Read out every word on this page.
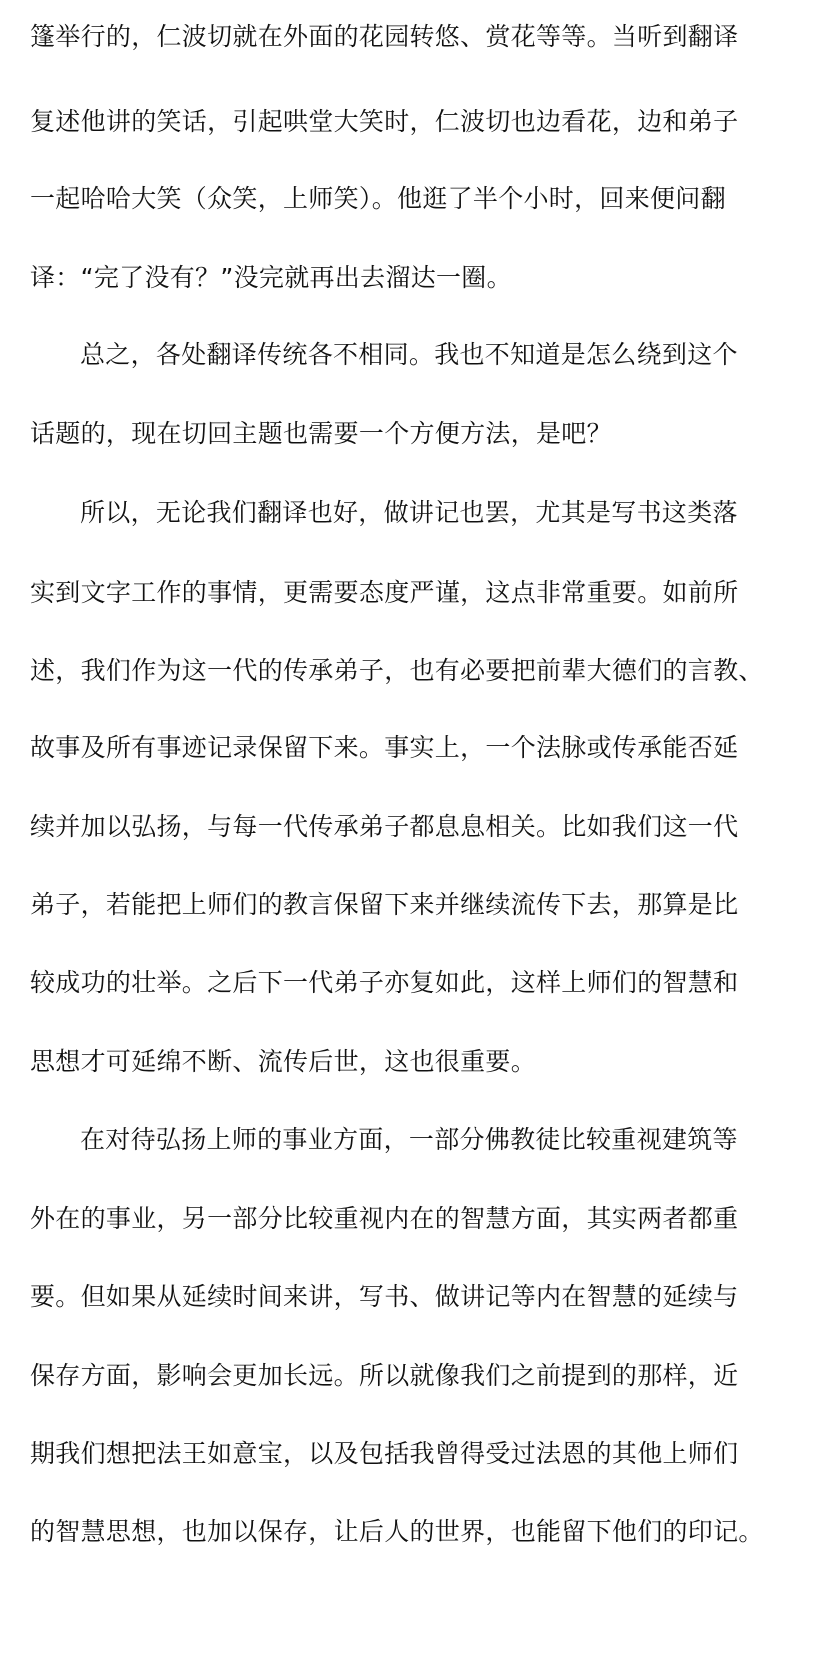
篷举行的，仁波切就在外面的花园转悠、赏花等等。当听到翻译
复述他讲的笑话，引起哄堂大笑时，仁波切也边看花，边和弟子
一起哈哈大笑（众笑，上师笑）。他逛了半个小时，回来便问翻
译：“完了没有？”没完就再出去溜达一圈。
总之，各处翻译传统各不相同。我也不知道是怎么绕到这个
话题的，现在切回主题也需要一个方便方法，是吧？
所以，无论我们翻译也好，做讲记也罢，尤其是写书这类落
实到文字工作的事情，更需要态度严谨，这点非常重要。如前所
述，我们作为这一代的传承弟子，也有必要把前辈大德们的言教、
故事及所有事迹记录保留下来。事实上，一个法脉或传承能否延
续并加以弘扬，与每一代传承弟子都息息相关。比如我们这一代
弟子，若能把上师们的教言保留下来并继续流传下去，那算是比
较成功的壮举。之后下一代弟子亦复如此，这样上师们的智慧和
思想才可延绵不断、流传后世，这也很重要。
在对待弘扬上师的事业方面，一部分佛教徒比较重视建筑等
外在的事业，另一部分比较重视内在的智慧方面，其实两者都重
要。但如果从延续时间来讲，写书、做讲记等内在智慧的延续与
保存方面，影响会更加长远。所以就像我们之前提到的那样，近
期我们想把法王如意宝，以及包括我曾得受过法恩的其他上师们
的智慧思想，也加以保存，让后人的世界，也能留下他们的印记。
